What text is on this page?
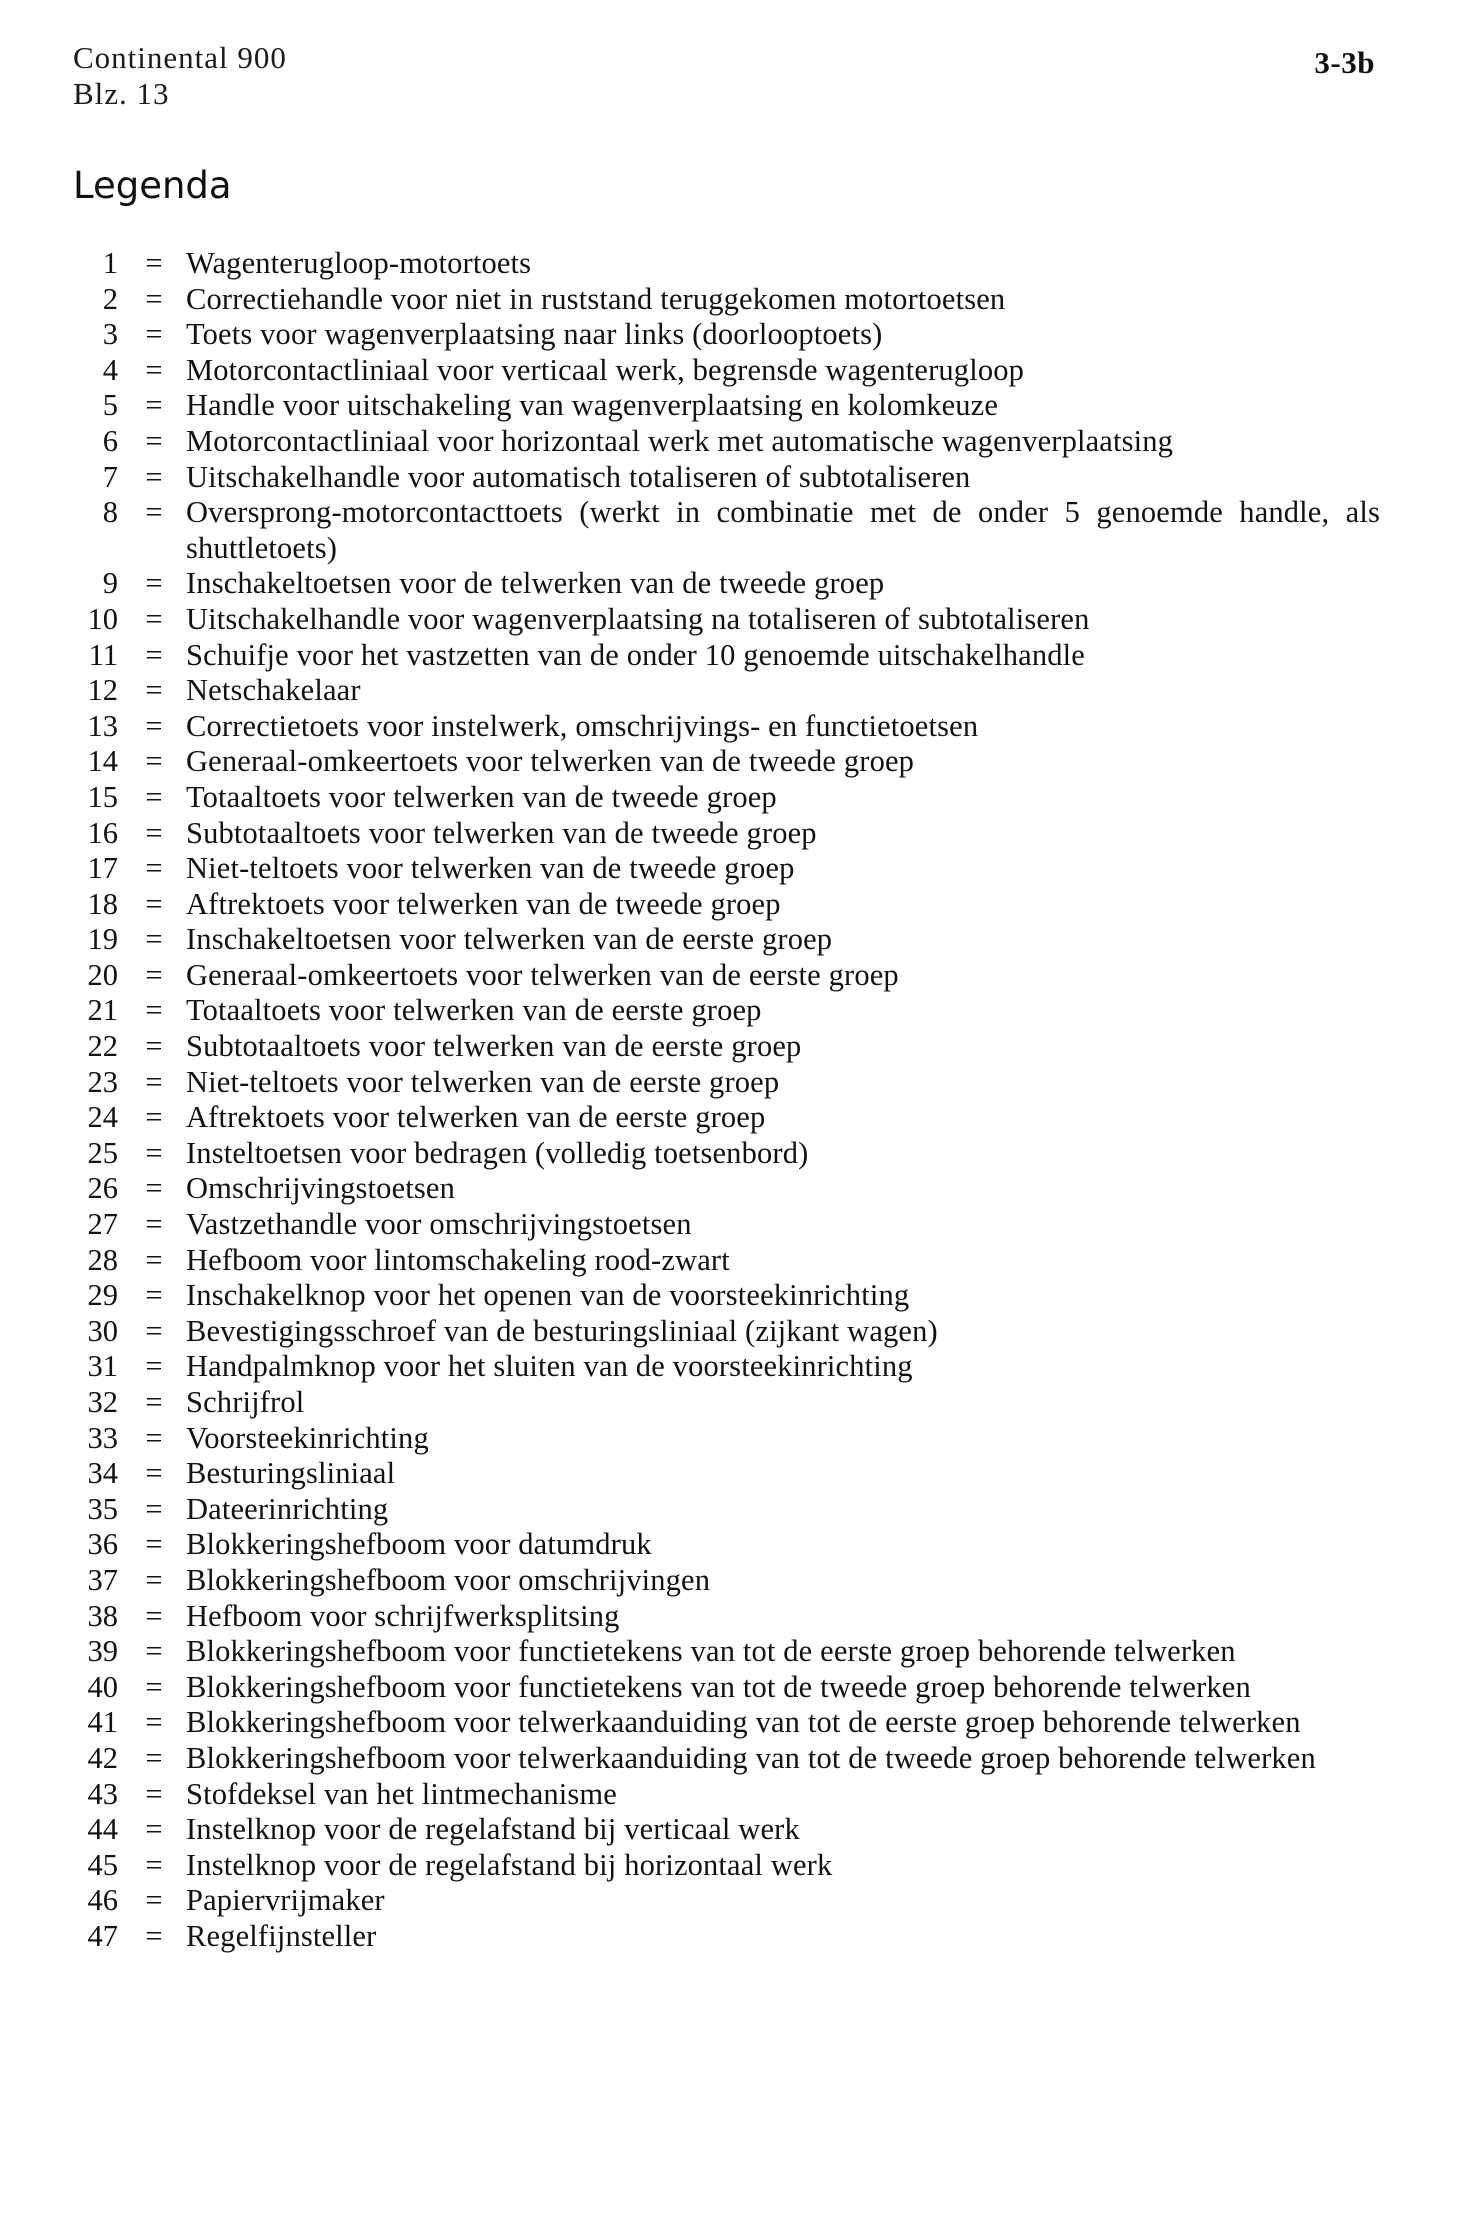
Continental 900
Blz. 13
3-3b
Legenda
1 = Wagenterugloop-motortoets
2 = Correctiehandle voor niet in ruststand teruggekomen motortoetsen
3 = Toets voor wagenverplaatsing naar links (doorlooptoets)
4 = Motorcontactliniaal voor verticaal werk, begrensde wagenterugloop
5 = Handle voor uitschakeling van wagenverplaatsing en kolomkeuze
6 = Motorcontactliniaal voor horizontaal werk met automatische wagenverplaatsing
7 = Uitschakelhandle voor automatisch totaliseren of subtotaliseren
8 = Oversprong-motorcontacttoets (werkt in combinatie met de onder 5 genoemde handle, als shuttletoets)
9 = Inschakeltoetsen voor de telwerken van de tweede groep
10 = Uitschakelhandle voor wagenverplaatsing na totaliseren of subtotaliseren
11 = Schuifje voor het vastzetten van de onder 10 genoemde uitschakelhandle
12 = Netschakelaar
13 = Correctietoets voor instelwerk, omschrijvings- en functietoetsen
14 = Generaal-omkeertoets voor telwerken van de tweede groep
15 = Totaaltoets voor telwerken van de tweede groep
16 = Subtotaaltoets voor telwerken van de tweede groep
17 = Niet-teltoets voor telwerken van de tweede groep
18 = Aftrektoets voor telwerken van de tweede groep
19 = Inschakeltoetsen voor telwerken van de eerste groep
20 = Generaal-omkeertoets voor telwerken van de eerste groep
21 = Totaaltoets voor telwerken van de eerste groep
22 = Subtotaaltoets voor telwerken van de eerste groep
23 = Niet-teltoets voor telwerken van de eerste groep
24 = Aftrektoets voor telwerken van de eerste groep
25 = Insteltoetsen voor bedragen (volledig toetsenbord)
26 = Omschrijvingstoetsen
27 = Vastzethandle voor omschrijvingstoetsen
28 = Hefboom voor lintomschakeling rood-zwart
29 = Inschakelknop voor het openen van de voorsteekinrichting
30 = Bevestigingsschroef van de besturingsliniaal (zijkant wagen)
31 = Handpalmknop voor het sluiten van de voorsteekinrichting
32 = Schrijfrol
33 = Voorsteekinrichting
34 = Besturingsliniaal
35 = Dateerinrichting
36 = Blokkeringshefboom voor datumdruk
37 = Blokkeringshefboom voor omschrijvingen
38 = Hefboom voor schrijfwerksplitsing
39 = Blokkeringshefboom voor functietekens van tot de eerste groep behorende telwerken
40 = Blokkeringshefboom voor functietekens van tot de tweede groep behorende telwerken
41 = Blokkeringshefboom voor telwerkaanduiding van tot de eerste groep behorende telwerken
42 = Blokkeringshefboom voor telwerkaanduiding van tot de tweede groep behorende telwerken
43 = Stofdeksel van het lintmechanisme
44 = Instelknop voor de regelafstand bij verticaal werk
45 = Instelknop voor de regelafstand bij horizontaal werk
46 = Papiervrijmaker
47 = Regelfijnsteller
